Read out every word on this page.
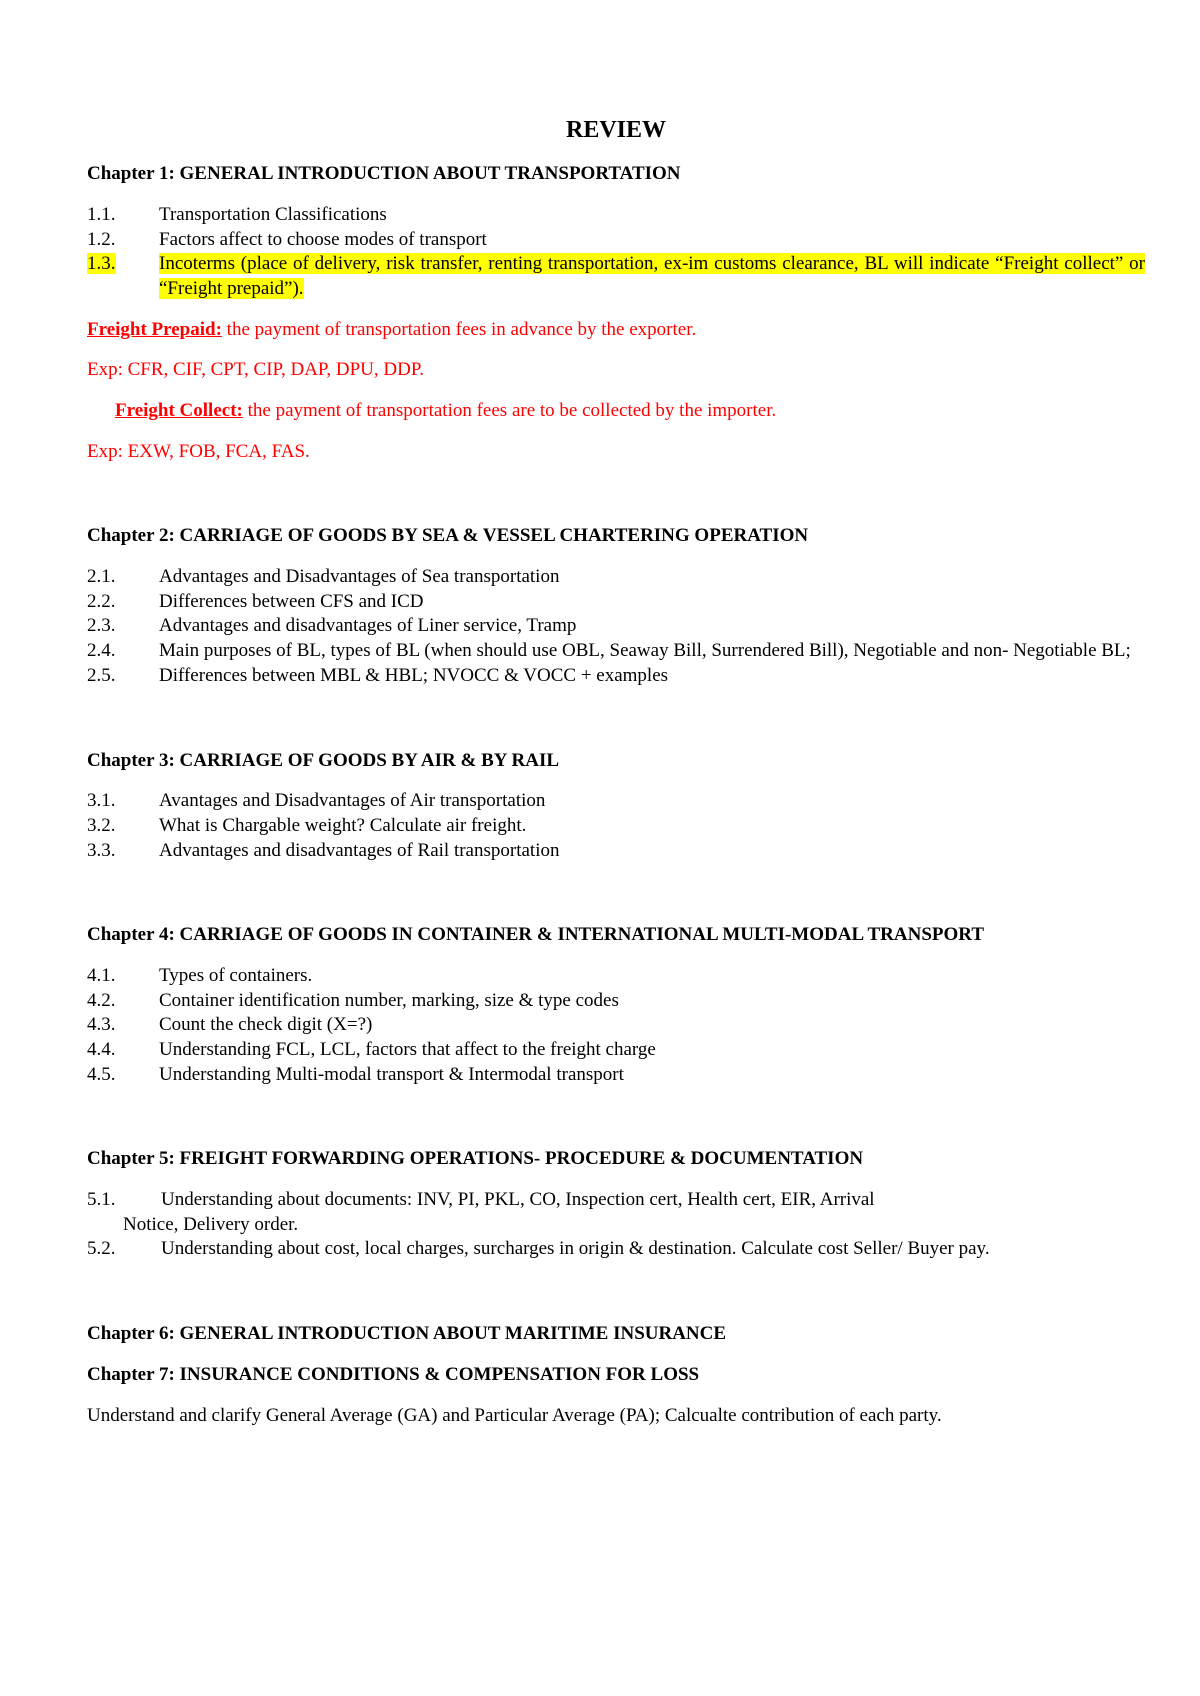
REVIEW
Chapter 1: GENERAL INTRODUCTION ABOUT TRANSPORTATION
1.1.	Transportation Classifications
1.2.	Factors affect to choose modes of transport
1.3.	Incoterms (place of delivery, risk transfer, renting transportation, ex-im customs clearance, BL will indicate “Freight collect” or “Freight prepaid”).
Freight Prepaid: the payment of transportation fees in advance by the exporter.
Exp: CFR, CIF, CPT, CIP, DAP, DPU, DDP.
Freight Collect: the payment of transportation fees are to be collected by the importer.
Exp: EXW, FOB, FCA, FAS.
Chapter 2: CARRIAGE OF GOODS BY SEA & VESSEL CHARTERING OPERATION
2.1.	Advantages and Disadvantages of Sea transportation
2.2.	Differences between CFS and ICD
2.3.	Advantages and disadvantages of Liner service, Tramp
2.4.	Main purposes of BL, types of BL (when should use OBL, Seaway Bill, Surrendered Bill), Negotiable and non- Negotiable BL;
2.5.	Differences between MBL & HBL; NVOCC & VOCC + examples
Chapter 3: CARRIAGE OF GOODS BY AIR & BY RAIL
3.1.	Avantages and Disadvantages of Air transportation
3.2.	What is Chargable weight? Calculate air freight.
3.3.	Advantages and disadvantages of Rail transportation
Chapter 4: CARRIAGE OF GOODS IN CONTAINER & INTERNATIONAL MULTI-MODAL TRANSPORT
4.1.	Types of containers.
4.2.	Container identification number, marking, size & type codes
4.3.	Count the check digit (X=?)
4.4.	Understanding FCL, LCL, factors that affect to the freight charge
4.5.	Understanding Multi-modal transport & Intermodal transport
Chapter 5: FREIGHT FORWARDING OPERATIONS- PROCEDURE & DOCUMENTATION
5.1. Understanding about documents: INV, PI, PKL, CO, Inspection cert, Health cert, EIR, Arrival
Notice, Delivery order.
5.2. Understanding about cost, local charges, surcharges in origin & destination. Calculate cost Seller/ Buyer pay.
Chapter 6: GENERAL INTRODUCTION ABOUT MARITIME INSURANCE
Chapter 7: INSURANCE CONDITIONS & COMPENSATION FOR LOSS
Understand and clarify General Average (GA) and Particular Average (PA); Calcualte contribution of each party.
